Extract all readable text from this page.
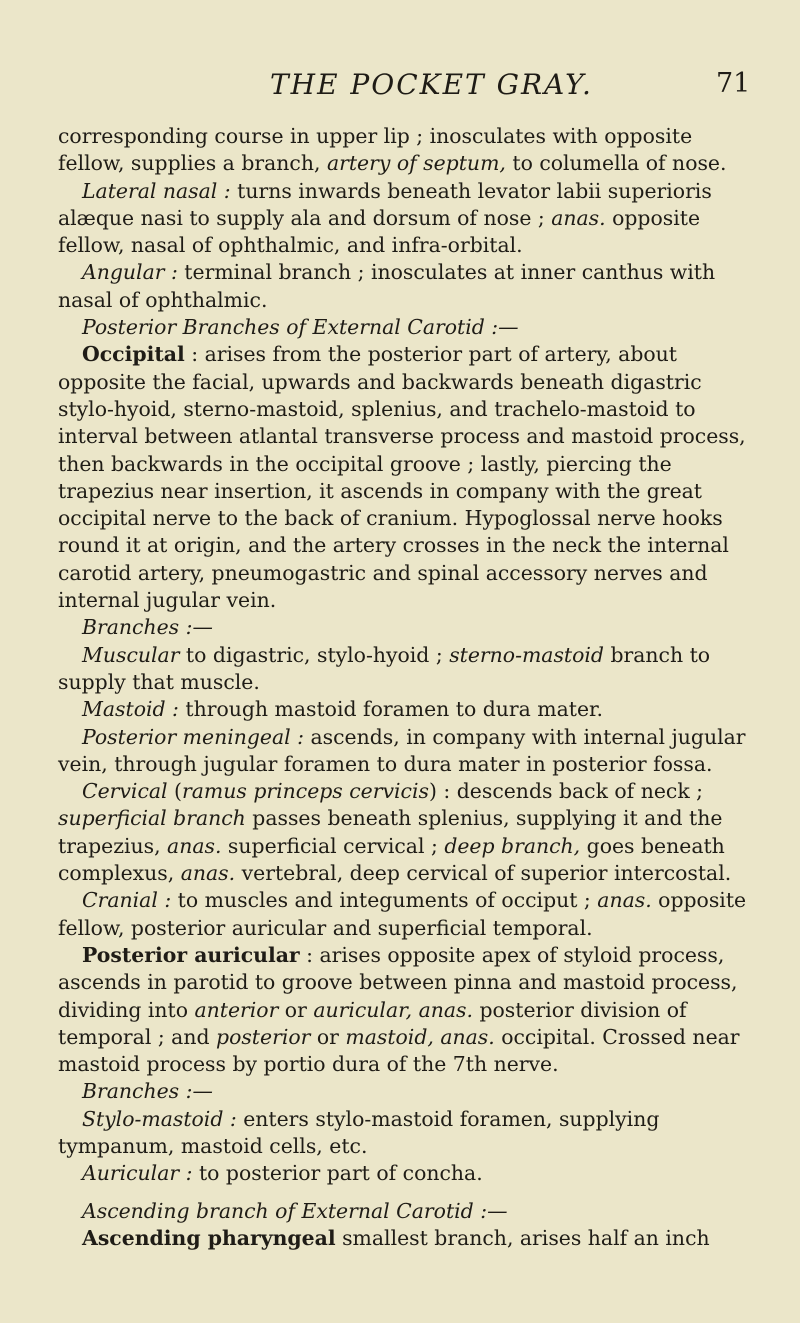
THE POCKET GRAY.	71

corresponding course in upper lip ; inosculates with opposite fellow, supplies a branch, artery of septum, to columella of nose.

Lateral nasal : turns inwards beneath levator labii superioris alæque nasi to supply ala and dorsum of nose ; anas. opposite fellow, nasal of ophthalmic, and infra-orbital.

Angular : terminal branch ; inosculates at inner canthus with nasal of ophthalmic.

Posterior Branches of External Carotid :—

Occipital : arises from the posterior part of artery, about opposite the facial, upwards and backwards beneath digastric stylo-hyoid, sterno-mastoid, splenius, and trachelo-mastoid to interval between atlantal transverse process and mastoid process, then backwards in the occipital groove ; lastly, piercing the trapezius near insertion, it ascends in company with the great occipital nerve to the back of cranium. Hypoglossal nerve hooks round it at origin, and the artery crosses in the neck the internal carotid artery, pneumogastric and spinal accessory nerves and internal jugular vein.

Branches :—

Muscular to digastric, stylo-hyoid ; sterno-mastoid branch to supply that muscle.

Mastoid : through mastoid foramen to dura mater.

Posterior meningeal : ascends, in company with internal jugular vein, through jugular foramen to dura mater in posterior fossa.

Cervical (ramus princeps cervicis) : descends back of neck ; superficial branch passes beneath splenius, supplying it and the trapezius, anas. superficial cervical ; deep branch, goes beneath complexus, anas. vertebral, deep cervical of superior intercostal.

Cranial : to muscles and integuments of occiput ; anas. opposite fellow, posterior auricular and superficial temporal.

Posterior auricular : arises opposite apex of styloid process, ascends in parotid to groove between pinna and mastoid process, dividing into anterior or auricular, anas. posterior division of temporal ; and posterior or mastoid, anas. occipital. Crossed near mastoid process by portio dura of the 7th nerve.

Branches :—

Stylo-mastoid : enters stylo-mastoid foramen, supplying tympanum, mastoid cells, etc.

Auricular : to posterior part of concha.

Ascending branch of External Carotid :—

Ascending pharyngeal smallest branch, arises half an inch
